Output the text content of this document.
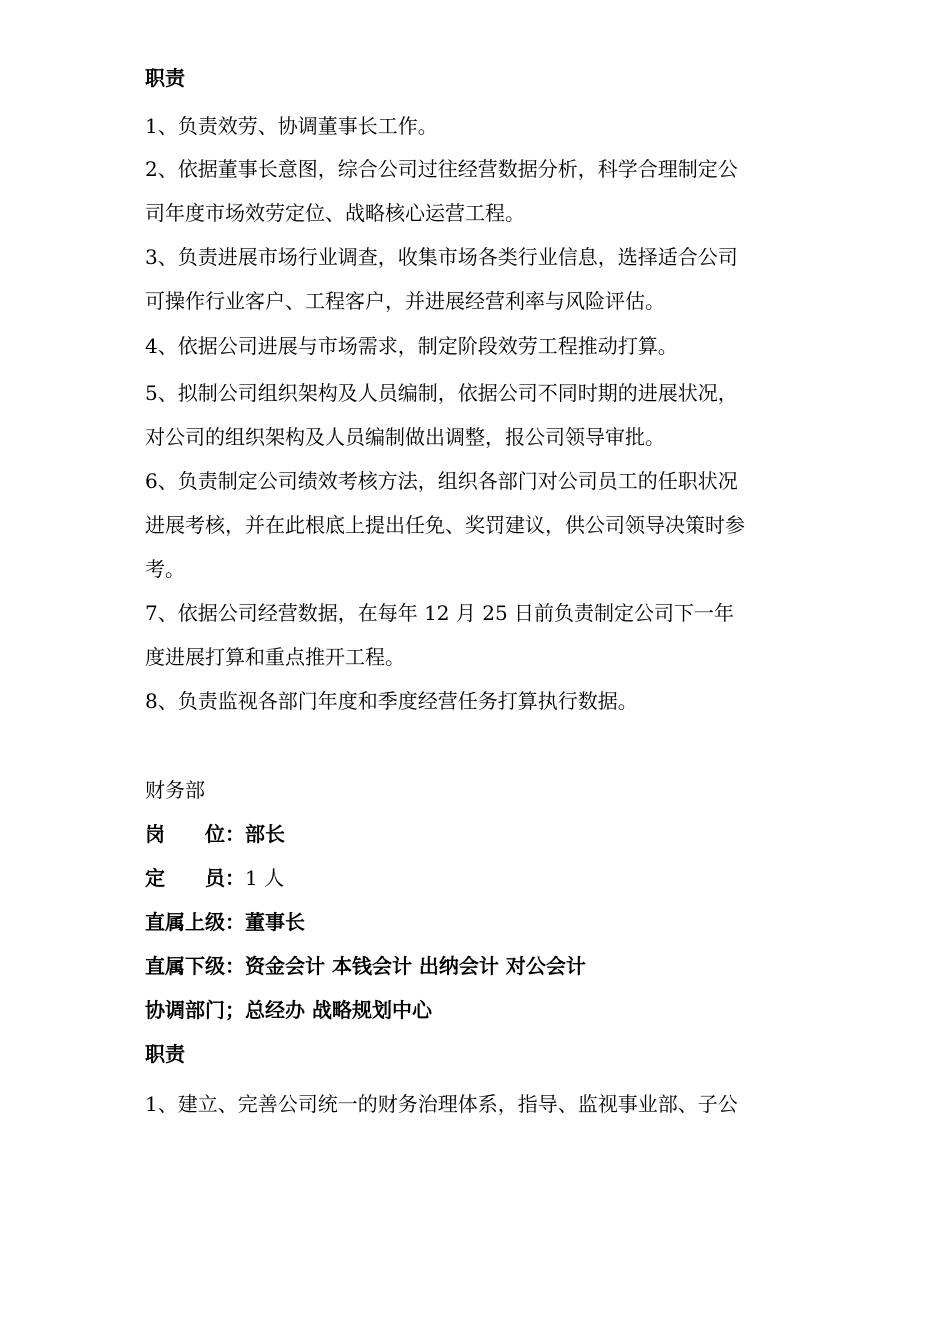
职责

1、负责效劳、协调董事长工作。

2、依据董事长意图，综合公司过往经营数据分析，科学合理制定公

司年度市场效劳定位、战略核心运营工程。

3、负责进展市场行业调查，收集市场各类行业信息，选择适合公司

可操作行业客户、工程客户，并进展经营利率与风险评估。

4、依据公司进展与市场需求，制定阶段效劳工程推动打算。

5、拟制公司组织架构及人员编制，依据公司不同时期的进展状况，

对公司的组织架构及人员编制做出调整，报公司领导审批。

6、负责制定公司绩效考核方法，组织各部门对公司员工的任职状况

进展考核，并在此根底上提出任免、奖罚建议，供公司领导决策时参

考。

7、依据公司经营数据，在每年 12 月 25 日前负责制定公司下一年

度进展打算和重点推开工程。

8、负责监视各部门年度和季度经营任务打算执行数据。

财务部

岗　　位：部长

定　　员：1 人

直属上级：董事长

直属下级：资金会计 本钱会计 出纳会计 对公会计

协调部门；总经办 战略规划中心

职责

1、建立、完善公司统一的财务治理体系，指导、监视事业部、子公
